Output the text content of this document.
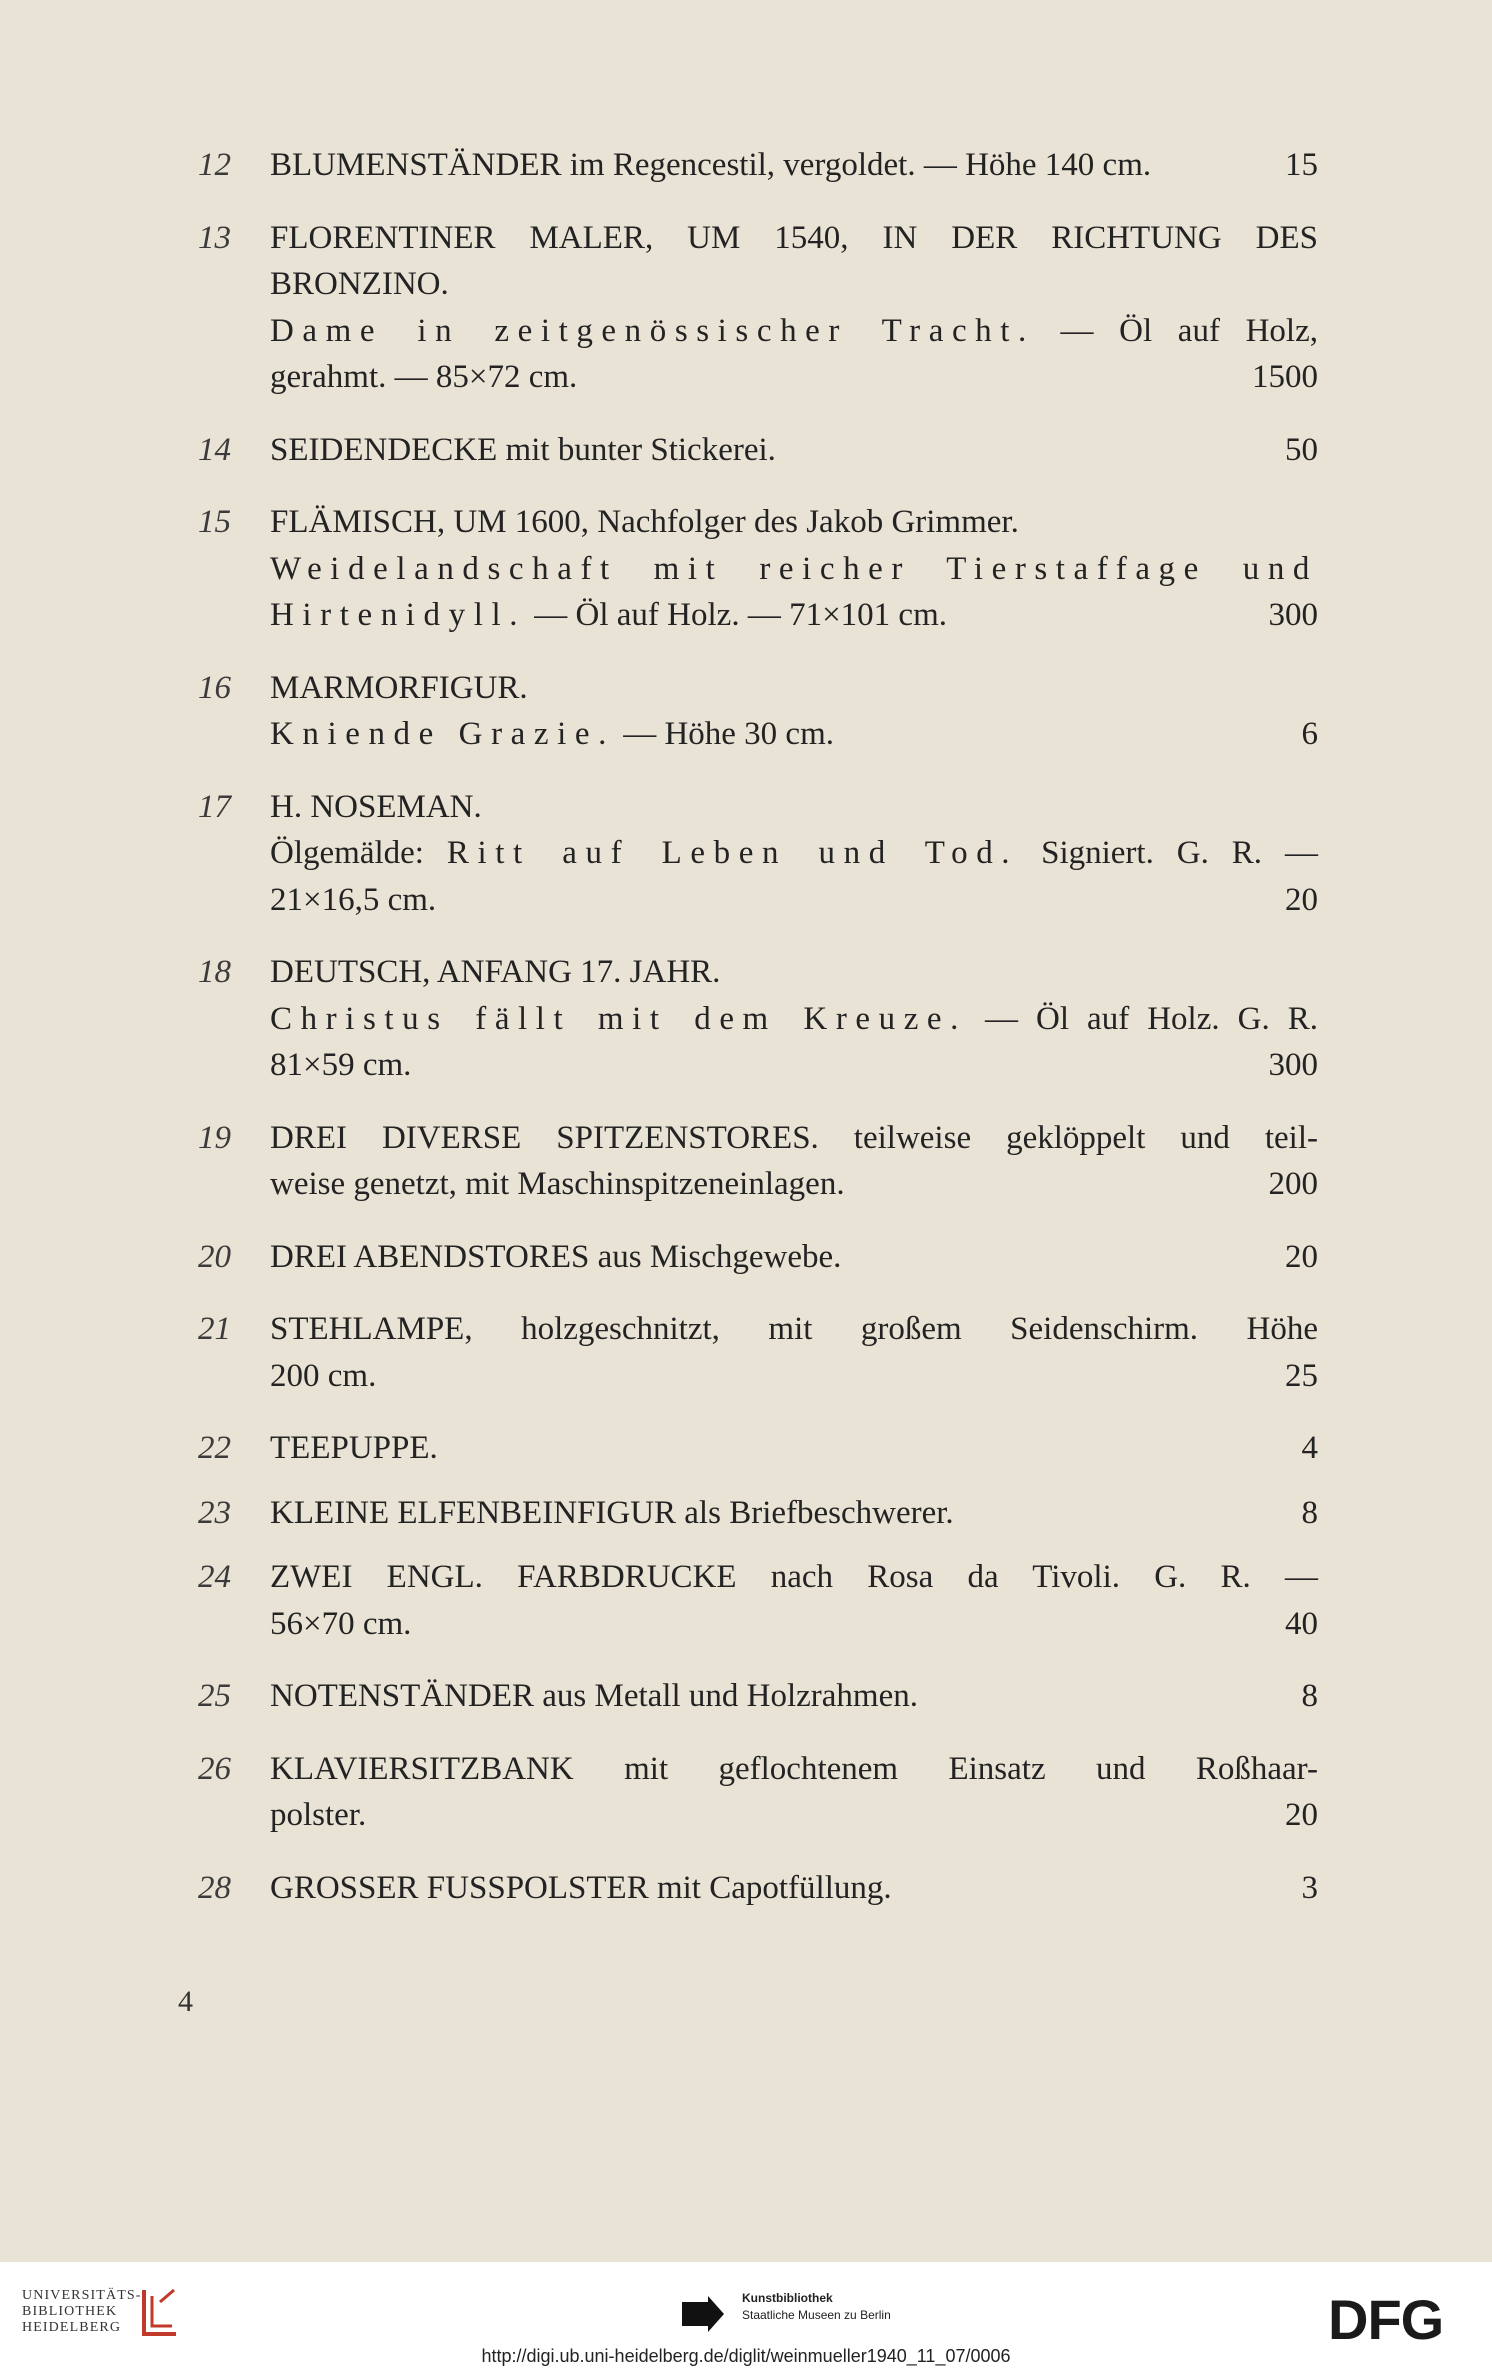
12	BLUMENSTÄNDER im Regencestil, vergoldet. — Höhe 140 cm.	15
13	FLORENTINER MALER, UM 1540, IN DER RICHTUNG DES
BRONZINO.
Dame in zeitgenössischer Tracht. — Öl auf Holz,
gerahmt. — 85×72 cm.	1500
14	SEIDENDECKE mit bunter Stickerei.	50
15	FLÄMISCH, UM 1600, Nachfolger des Jakob Grimmer.
Weidelandschaft mit reicher Tierstaffage und
Hirtenidyll. — Öl auf Holz. — 71×101 cm.	300
16	MARMORFIGUR.
Kniende Grazie. — Höhe 30 cm.	6
17	H. NOSEMAN.
Ölgemälde: Ritt auf Leben und Tod. Signiert. G. R. —
21×16,5 cm.	20
18	DEUTSCH, ANFANG 17. JAHR.
Christus fällt mit dem Kreuze. — Öl auf Holz. G. R.
81×59 cm.	300
19	DREI DIVERSE SPITZENSTORES. teilweise geklöppelt und teil-
weise genetzt, mit Maschinspitzeneinlagen.	200
20	DREI ABENDSTORES aus Mischgewebe.	20
21	STEHLAMPE, holzgeschnitzt, mit großem Seidenschirm. Höhe
200 cm.	25
22	TEEPUPPE.	4
23	KLEINE ELFENBEINFIGUR als Briefbeschwerer.	8
24	ZWEI ENGL. FARBDRUCKE nach Rosa da Tivoli. G. R. —
56×70 cm.	40
25	NOTENSTÄNDER aus Metall und Holzrahmen.	8
26	KLAVIERSITZBANK mit geflochtenem Einsatz und Roßhaar-
polster.	20
28	GROSSER FUSSPOLSTER mit Capotfüllung.	3
4
UNIVERSITÄTS-
BIBLIOTHEK
HEIDELBERG
Kunstbibliothek
Staatliche Museen zu Berlin	DFG
http://digi.ub.uni-heidelberg.de/diglit/weinmueller1940_11_07/0006
